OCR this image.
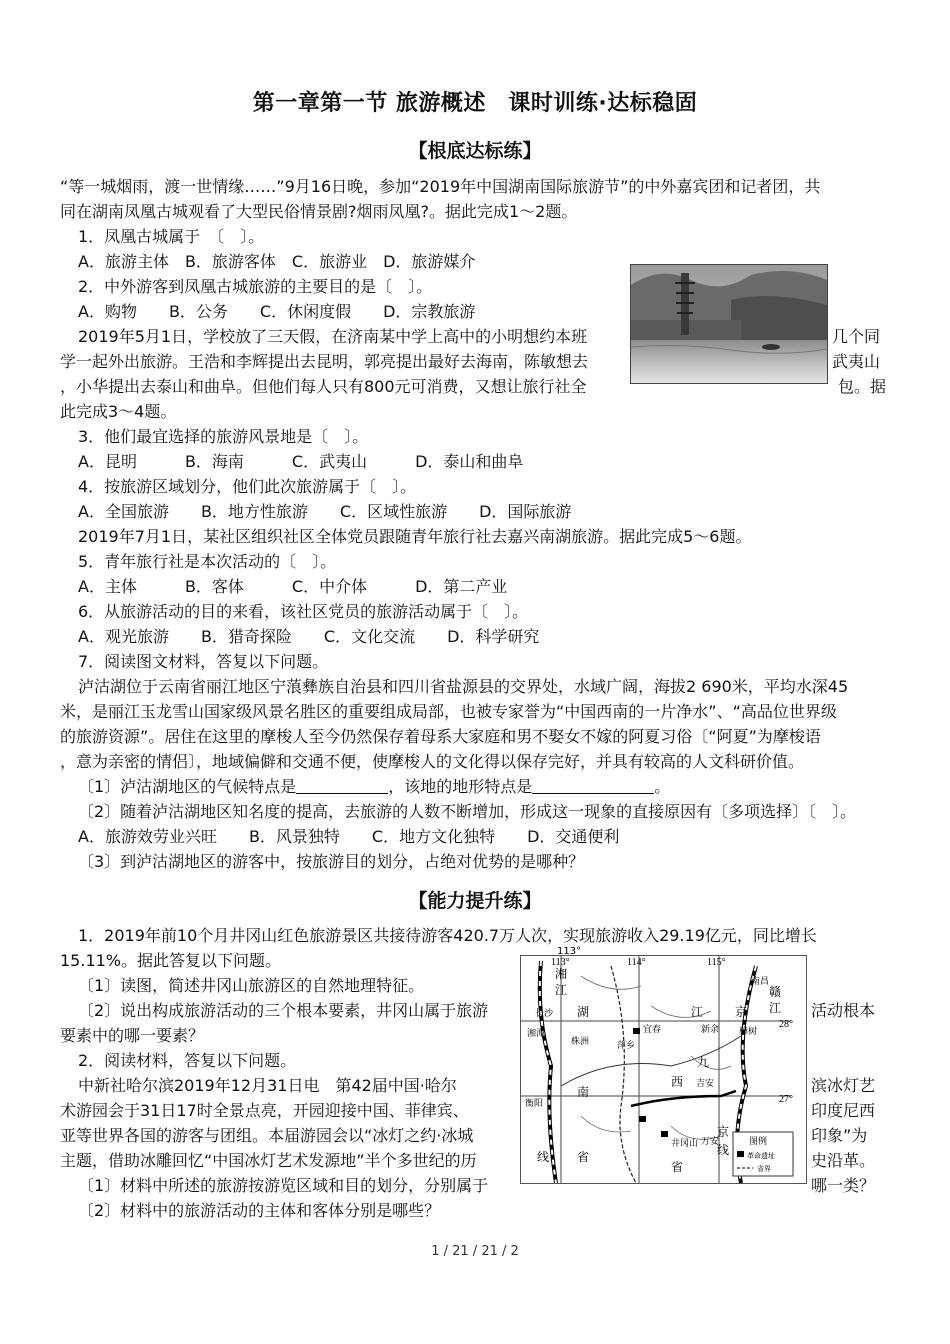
第一章第一节 旅游概述　课时训练·达标稳固
【根底达标练】
“等一城烟雨，渡一世情缘……”9月16日晚，参加“2019年中国湖南国际旅游节”的中外嘉宾团和记者团，共
同在湖南凤凰古城观看了大型民俗情景剧?烟雨凤凰?。据此完成1～2题。
1．凤凰古城属于　〔　〕。
A．旅游主体　B．旅游客体　C．旅游业　D．旅游媒介
2．中外游客到凤凰古城旅游的主要目的是〔　〕。
A．购物　　B．公务　　C．休闲度假　　D．宗教旅游
2019年5月1日，学校放了三天假，在济南某中学上高中的小明想约本班	几个同
学一起外出旅游。王浩和李辉提出去昆明，郭亮提出最好去海南，陈敏想去	武夷山
，小华提出去泰山和曲阜。但他们每人只有800元可消费，又想让旅行社全	包。据
此完成3～4题。
3．他们最宜选择的旅游风景地是〔　〕。
A．昆明　　　B．海南　　　C．武夷山　　　D．泰山和曲阜
4．按旅游区域划分，他们此次旅游属于〔　〕。
A．全国旅游　　B．地方性旅游　　C．区域性旅游　　D．国际旅游
2019年7月1日，某社区组织社区全体党员跟随青年旅行社去嘉兴南湖旅游。据此完成5～6题。
5．青年旅行社是本次活动的〔　〕。
A．主体　　　B．客体　　　C．中介体　　　D．第二产业
6．从旅游活动的目的来看，该社区党员的旅游活动属于〔　〕。
A．观光旅游　　B．猎奇探险　　C．文化交流　　D．科学研究
7．阅读图文材料，答复以下问题。
泸沽湖位于云南省丽江地区宁蒗彝族自治县和四川省盐源县的交界处，水域广阔，海拔2 690米，平均水深45
米，是丽江玉龙雪山国家级风景名胜区的重要组成局部，也被专家誉为“中国西南的一片净水”、“高品位世界级
的旅游资源”。居住在这里的摩梭人至今仍然保存着母系大家庭和男不娶女不嫁的阿夏习俗〔“阿夏”为摩梭语
，意为亲密的情侣〕，地域偏僻和交通不便，使摩梭人的文化得以保存完好，并具有较高的人文科研价值。
〔1〕泸沽湖地区的气候特点是	，该地的地形特点是	。
〔2〕随着泸沽湖地区知名度的提高，去旅游的人数不断增加，形成这一现象的直接原因有〔多项选择〕〔　〕。
A．旅游效劳业兴旺　　B．风景独特　　C．地方文化独特　　D．交通便利
〔3〕到泸沽湖地区的游客中，按旅游目的划分，占绝对优势的是哪种？
【能力提升练】
1．2019年前10个月井冈山红色旅游景区共接待游客420.7万人次，实现旅游收入29.19亿元，同比增长
15.11%。据此答复以下问题。
〔1〕读图，简述井冈山旅游区的自然地理特征。
〔2〕说出构成旅游活动的三个根本要素，井冈山属于旅游	活动根本
要素中的哪一要素？
2．阅读材料，答复以下问题。
中新社哈尔滨2019年12月31日电　第42届中国·哈尔	滨冰灯艺
术游园会于31日17时全景点亮，开园迎接中国、菲律宾、	印度尼西
亚等世界各国的游客与团组。本届游园会以“冰灯之约·冰城	印象”为
主题，借助冰雕回忆“中国冰灯艺术发源地”半个多世纪的历	史沿革。
〔1〕材料中所述的旅游按游览区域和目的划分，分别属于	哪一类？
〔2〕材料中的旅游活动的主体和客体分别是哪些？
113°
113°	114°	115°
28°
27°
南昌
长沙
湘潭
株洲	萍乡
宜春	新余 樟树
衡阳
吉安
井冈山 万安
泰井高速
湘
江
湖
南
江
西
九
京
线 省
省
赣
江
京
线
图例
革命遗址
省界
1 / 21 / 21 / 2
